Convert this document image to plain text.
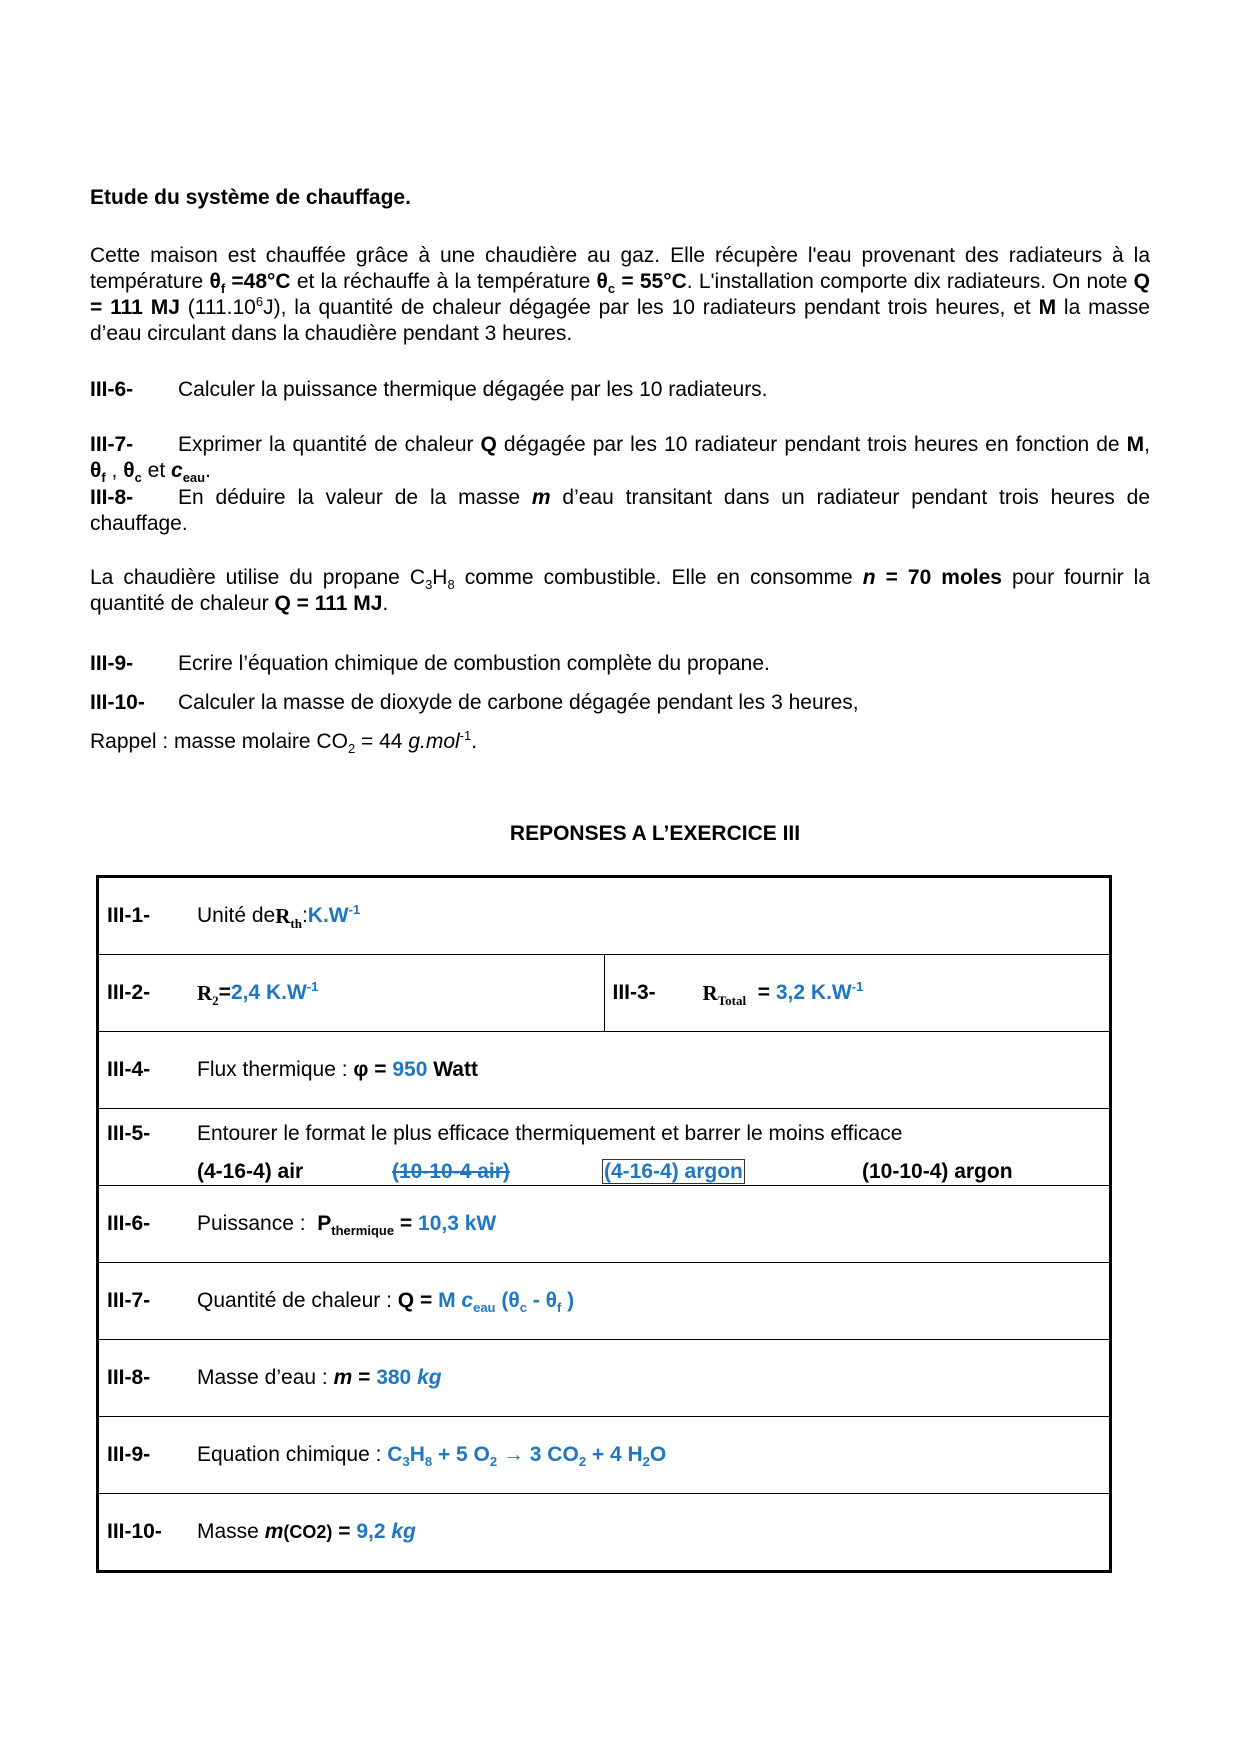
Etude du système de chauffage.

Cette maison est chauffée grâce à une chaudière au gaz. Elle récupère l'eau provenant des radiateurs à la température $\theta_f =48^\circ C$ et la réchauffe à la température $\theta_c = 55^\circ C$. L'installation comporte dix radiateurs. On note Q = 111 MJ (111.10$^6$J), la quantité de chaleur dégagée par les 10 radiateurs pendant trois heures, et M la masse d’eau circulant dans la chaudière pendant 3 heures.

III-6- Calculer la puissance thermique dégagée par les 10 radiateurs.
III-7- Exprimer la quantité de chaleur Q dégagée par les 10 radiateur pendant trois heures en fonction de M, $\theta_f$ , $\theta_c$ et $c_{eau}$.
III-8- En déduire la valeur de la masse m d’eau transitant dans un radiateur pendant trois heures de chauffage.

La chaudière utilise du propane $C_3H_8$ comme combustible. Elle en consomme n = 70 moles pour fournir la quantité de chaleur Q = 111 MJ.

III-9- Ecrire l’équation chimique de combustion complète du propane.
III-10- Calculer la masse de dioxyde de carbone dégagée pendant les 3 heures,
Rappel : masse molaire $CO_2 = 44$ g.mol$^{-1}$.
REPONSES A L’EXERCICE III
III-1-	Unité de $R_{th}$ : $K.W^{-1}$

III-2-	$R_2 = 2,4$ $K.W^{-1}$	III-3-	$R_{Total} = 3,2$ $K.W^{-1}$

III-4-	Flux thermique : φ = 950 Watt

III-5-	Entourer le format le plus efficace thermiquement et barrer le moins efficace
(4-16-4) air	(10-10-4 air)	(4-16-4) argon	(10-10-4) argon

III-6-	Puissance : $P_{thermique} = 10,3$ kW

III-7-	Quantité de chaleur : Q = M $c_{eau}$ ($\theta_c - \theta_f$ )

III-8-	Masse d’eau : m = 380 kg

III-9-	Equation chimique : $C_3H_8 + 5$ $O_2 \to 3$ $CO_2 + 4$ $H_2O$

III-10-	Masse m (CO2) = 9,2 kg
